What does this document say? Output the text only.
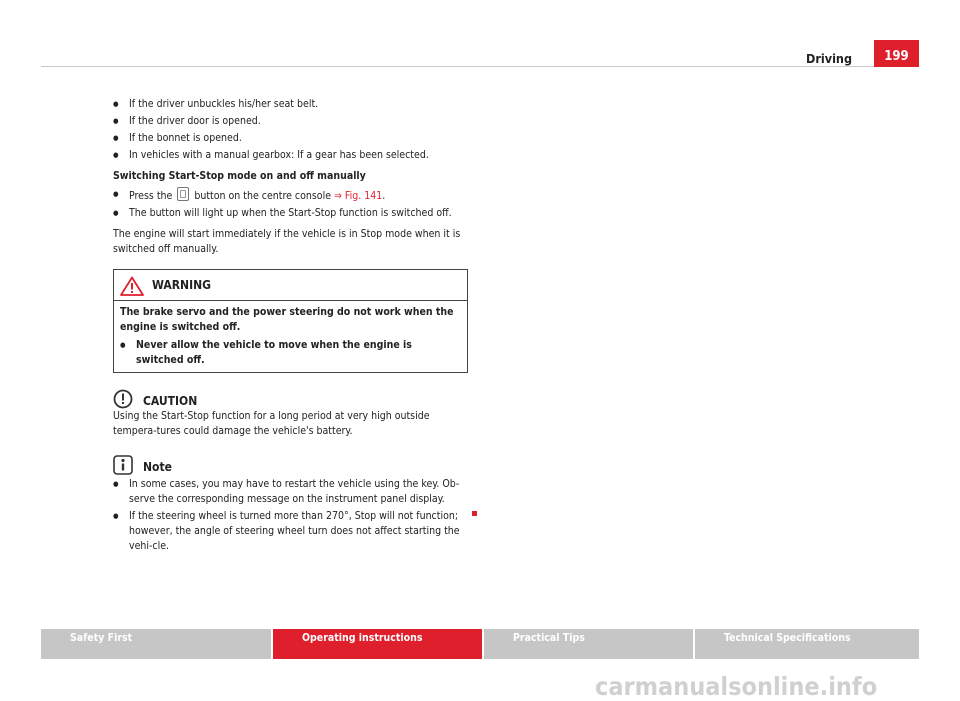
Driving	199
● If the driver unbuckles his/her seat belt.
● If the driver door is opened.
● If the bonnet is opened.
● In vehicles with a manual gearbox: If a gear has been selected.

Switching Start-Stop mode on and off manually

● Press the button on the centre console ⇒ Fig. 141.
● The button will light up when the Start-Stop function is switched off.

The engine will start immediately if the vehicle is in Stop mode when it is switched off manually.

WARNING

The brake servo and the power steering do not work when the engine is switched off.

● Never allow the vehicle to move when the engine is switched off.
CAUTION

Using the Start-Stop function for a long period at very high outside tempera-tures could damage the vehicle's battery.

Note
● In some cases, you may have to restart the vehicle using the key. Ob-serve the corresponding message on the instrument panel display.
● If the steering wheel is turned more than 270°, Stop will not function; however, the angle of steering wheel turn does not affect starting the vehi-cle.
Safety First	Operating instructions	Practical Tips	Technical Specifications
carmanualsonline.info
